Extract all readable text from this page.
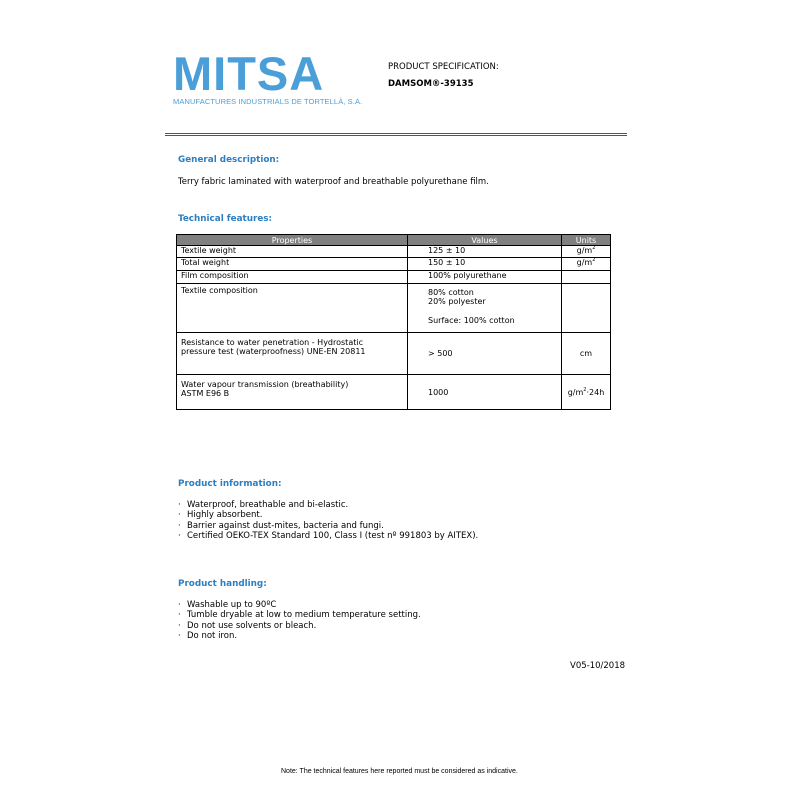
MITSA
MANUFACTURES INDUSTRIALS DE TORTELLÀ, S.A.
PRODUCT SPECIFICATION:
DAMSOM®-39135
General description:
Terry fabric laminated with waterproof and breathable polyurethane film.
Technical features:
Properties	Values	Units
Textile weight	125 ± 10	$g/m^2$
Total weight	150 ± 10	$g/m^2$
Film composition	100% polyurethane	
Textile composition	80% cotton
20% polyester
Surface: 100% cotton	

Resistance to water penetration - Hydrostatic
pressure test (waterproofness) UNE-EN 20811	> 500	cm

Water vapour transmission (breathability)
ASTM E96 B	1000	$g/m^2\cdot 24h$
Product information:
· Waterproof, breathable and bi-elastic.
· Highly absorbent.
· Barrier against dust-mites, bacteria and fungi.
· Certified OEKO-TEX Standard 100, Class I (test nº 991803 by AITEX).
Product handling:
· Washable up to 90ºC
· Tumble dryable at low to medium temperature setting.
· Do not use solvents or bleach.
· Do not iron.
V05-10/2018
Note: The technical features here reported must be considered as indicative.
